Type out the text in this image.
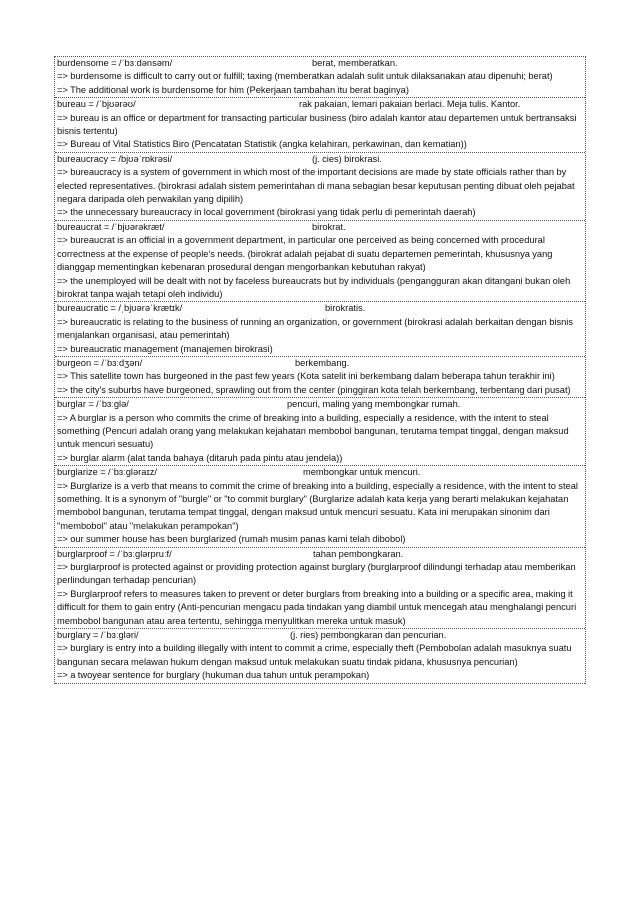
burdensome = /ˈbɜːdənsəm/	berat, memberatkan.
=> burdensome is difficult to carry out or fulfill; taxing (memberatkan adalah sulit untuk dilaksanakan atau dipenuhi; berat)
=> The additional work is burdensome for him (Pekerjaan tambahan itu berat baginya)
bureau = /ˈbjʊərəʊ/	rak pakaian, lemari pakaian berlaci. Meja tulis. Kantor.
=> bureau is an office or department for transacting particular business (biro adalah kantor atau departemen untuk bertransaksi bisnis tertentu)
=> Bureau of Vital Statistics Biro (Pencatatan Statistik (angka kelahiran, perkawinan, dan kematian))
bureaucracy = /bjʊəˈrɒkrəsi/	(j. cies) birokrasi.
=> bureaucracy is a system of government in which most of the important decisions are made by state officials rather than by elected representatives. (birokrasi adalah sistem pemerintahan di mana sebagian besar keputusan penting dibuat oleh pejabat negara daripada oleh perwakilan yang dipilih)
=> the unnecessary bureaucracy in local government (birokrasi yang tidak perlu di pemerintah daerah)
bureaucrat = /ˈbjʊərəkræt/	birokrat.
=> bureaucrat is an official in a government department, in particular one perceived as being concerned with procedural correctness at the expense of people's needs. (birokrat adalah pejabat di suatu departemen pemerintah, khususnya yang dianggap mementingkan kebenaran prosedural dengan mengorbankan kebutuhan rakyat)
=> the unemployed will be dealt with not by faceless bureaucrats but by individuals (pengangguran akan ditangani bukan oleh birokrat tanpa wajah tetapi oleh individu)
bureaucratic = /ˌbjʊərəˈkrætɪk/	birokratis.
=> bureaucratic is relating to the business of running an organization, or government (birokrasi adalah berkaitan dengan bisnis menjalankan organisasi, atau pemerintah)
=> bureaucratic management (manajemen birokrasi)
burgeon = /ˈbɜːdʒən/	berkembang.
=> This satellite town has burgeoned in the past few years (Kota satelit ini berkembang dalam beberapa tahun terakhir ini)
=> the city's suburbs have burgeoned, sprawling out from the center (pinggiran kota telah berkembang, terbentang dari pusat)
burglar = /ˈbɜːglə/	pencuri, maling yang membongkar rumah.
=> A burglar is a person who commits the crime of breaking into a building, especially a residence, with the intent to steal something (Pencuri adalah orang yang melakukan kejahatan membobol bangunan, terutama tempat tinggal, dengan maksud untuk mencuri sesuatu)
=> burglar alarm (alat tanda bahaya (ditaruh pada pintu atau jendela))
burglarize = /ˈbɜːgləraɪz/	membongkar untuk mencuri.
=> Burglarize is a verb that means to commit the crime of breaking into a building, especially a residence, with the intent to steal something. It is a synonym of "burgle" or "to commit burglary" (Burglarize adalah kata kerja yang berarti melakukan kejahatan membobol bangunan, terutama tempat tinggal, dengan maksud untuk mencuri sesuatu. Kata ini merupakan sinonim dari "membobol" atau "melakukan perampokan")
=> our summer house has been burglarized (rumah musim panas kami telah dibobol)
burglarproof = /ˈbɜːglərpruːf/	tahan pembongkaran.
=> burglarproof is protected against or providing protection against burglary (burglarproof dilindungi terhadap atau memberikan perlindungan terhadap pencurian)
=> Burglarproof refers to measures taken to prevent or deter burglars from breaking into a building or a specific area, making it difficult for them to gain entry (Anti-pencurian mengacu pada tindakan yang diambil untuk mencegah atau menghalangi pencuri membobol bangunan atau area tertentu, sehingga menyulitkan mereka untuk masuk)
burglary = /ˈbɜːgləri/	(j. ries) pembongkaran dan pencurian.
=> burglary is entry into a building illegally with intent to commit a crime, especially theft (Pembobolan adalah masuknya suatu bangunan secara melawan hukum dengan maksud untuk melakukan suatu tindak pidana, khususnya pencurian)
=> a twoyear sentence for burglary (hukuman dua tahun untuk perampokan)
